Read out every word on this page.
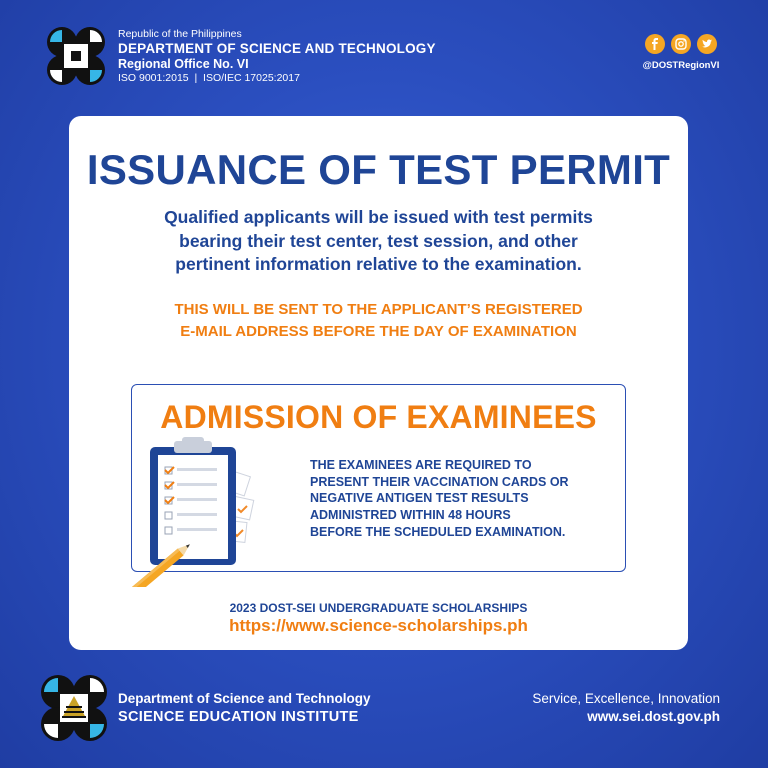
Republic of the Philippines
DEPARTMENT OF SCIENCE AND TECHNOLOGY
Regional Office No. VI
ISO 9001:2015  |  ISO/IEC 17025:2017
@DOSTRegionVI
ISSUANCE OF TEST PERMIT
Qualified applicants will be issued with test permits
bearing their test center, test session, and other
pertinent information relative to the examination.
THIS WILL BE SENT TO THE APPLICANT’S REGISTERED
E-MAIL ADDRESS BEFORE THE DAY OF EXAMINATION
ADMISSION OF EXAMINEES
THE EXAMINEES ARE REQUIRED TO
PRESENT THEIR VACCINATION CARDS OR
NEGATIVE ANTIGEN TEST RESULTS
ADMINISTRED WITHIN 48 HOURS
BEFORE THE SCHEDULED EXAMINATION.
2023 DOST-SEI UNDERGRADUATE SCHOLARSHIPS
https://www.science-scholarships.ph
Department of Science and Technology
SCIENCE EDUCATION INSTITUTE
Service, Excellence, Innovation
www.sei.dost.gov.ph
